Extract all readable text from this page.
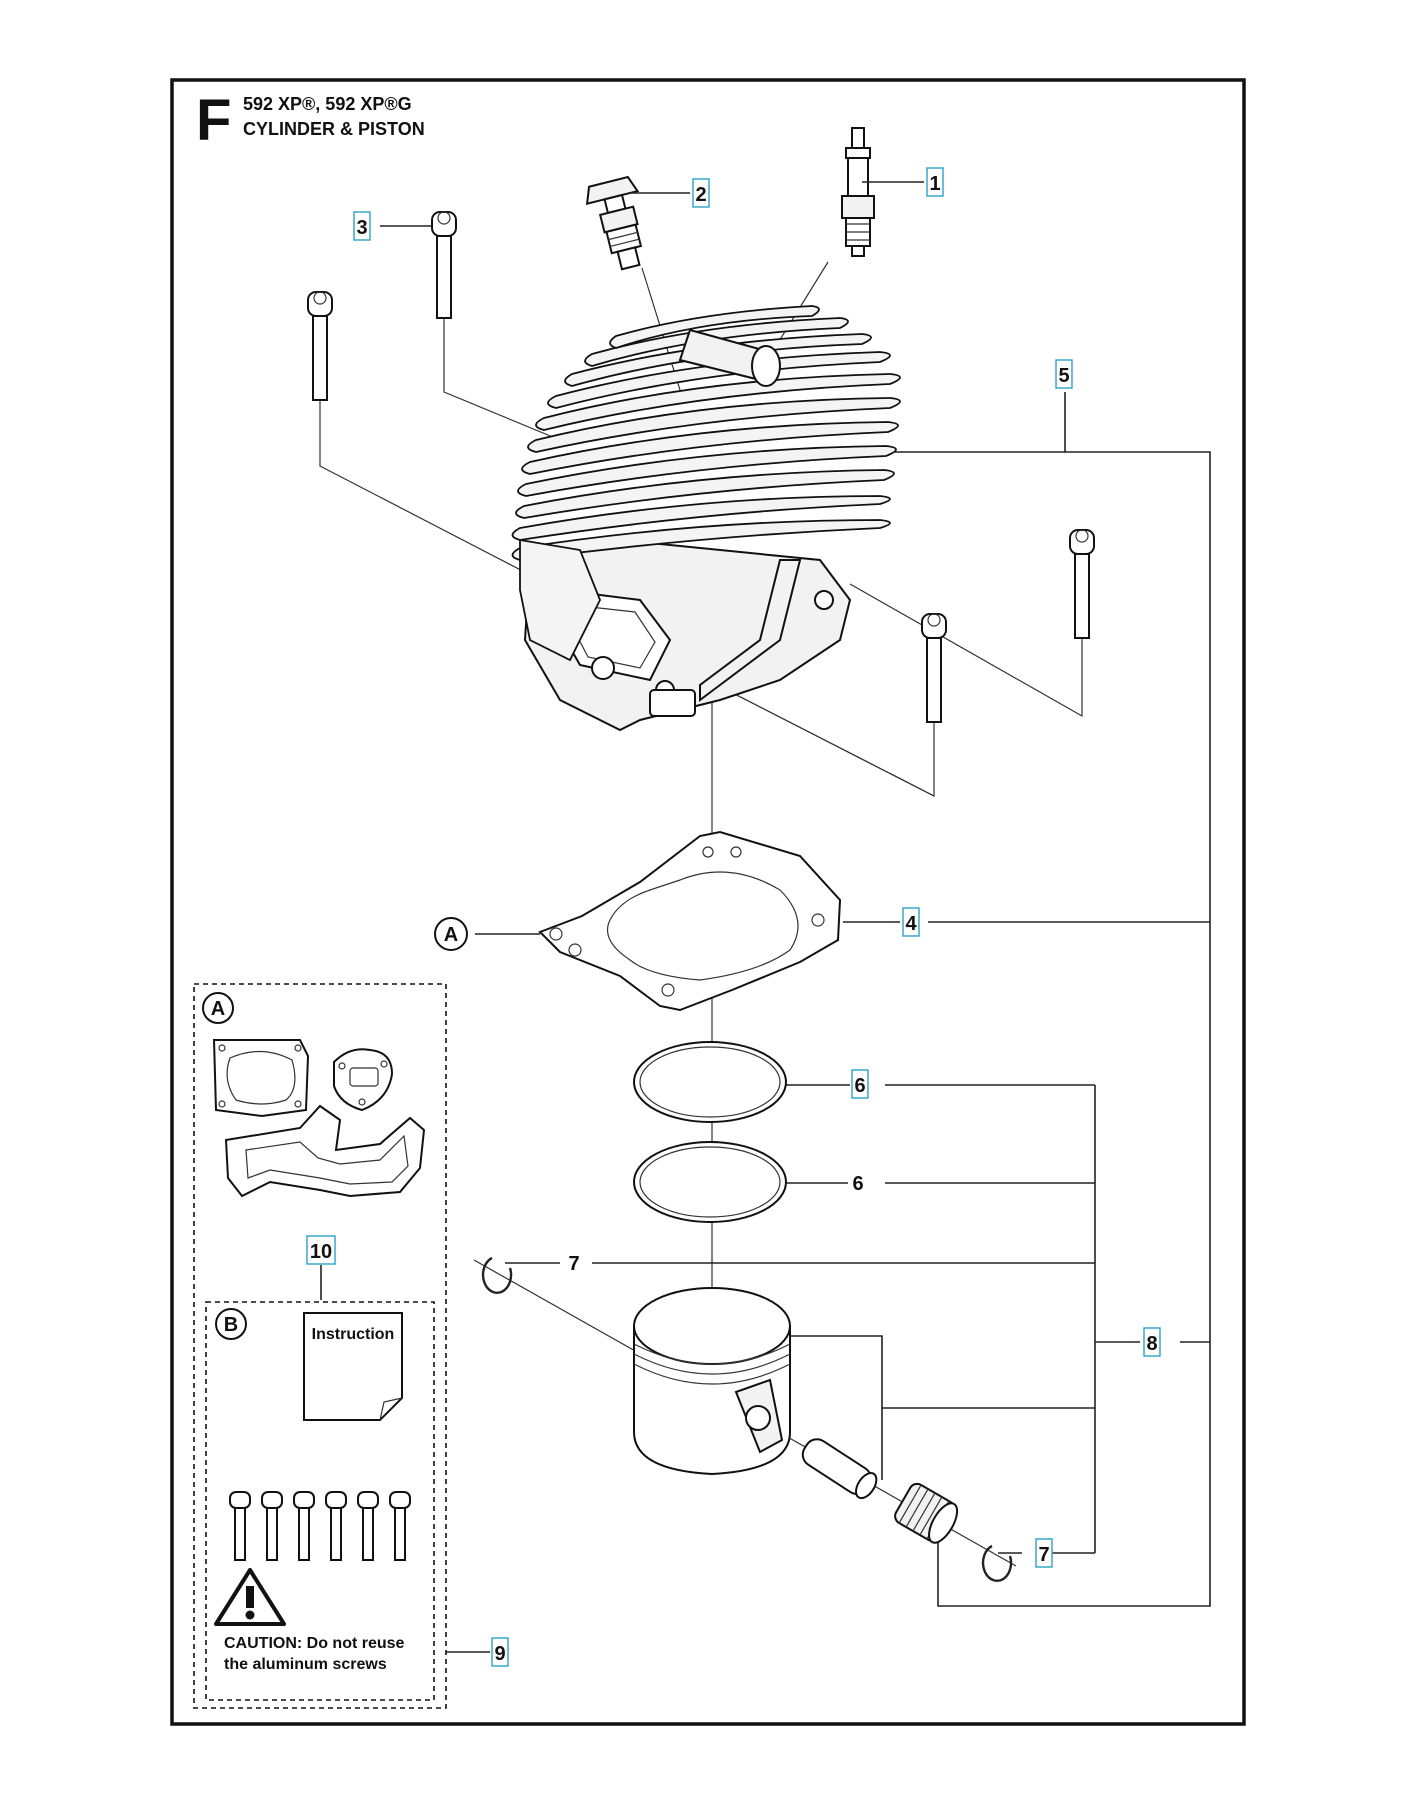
F 592 XP®, 592 XP®G
CYLINDER & PISTON
A
A
Instruction
B
CAUTION: Do not reuse
the aluminum screws
1
2
3
5
4
6
6
7
7
8
9
10
